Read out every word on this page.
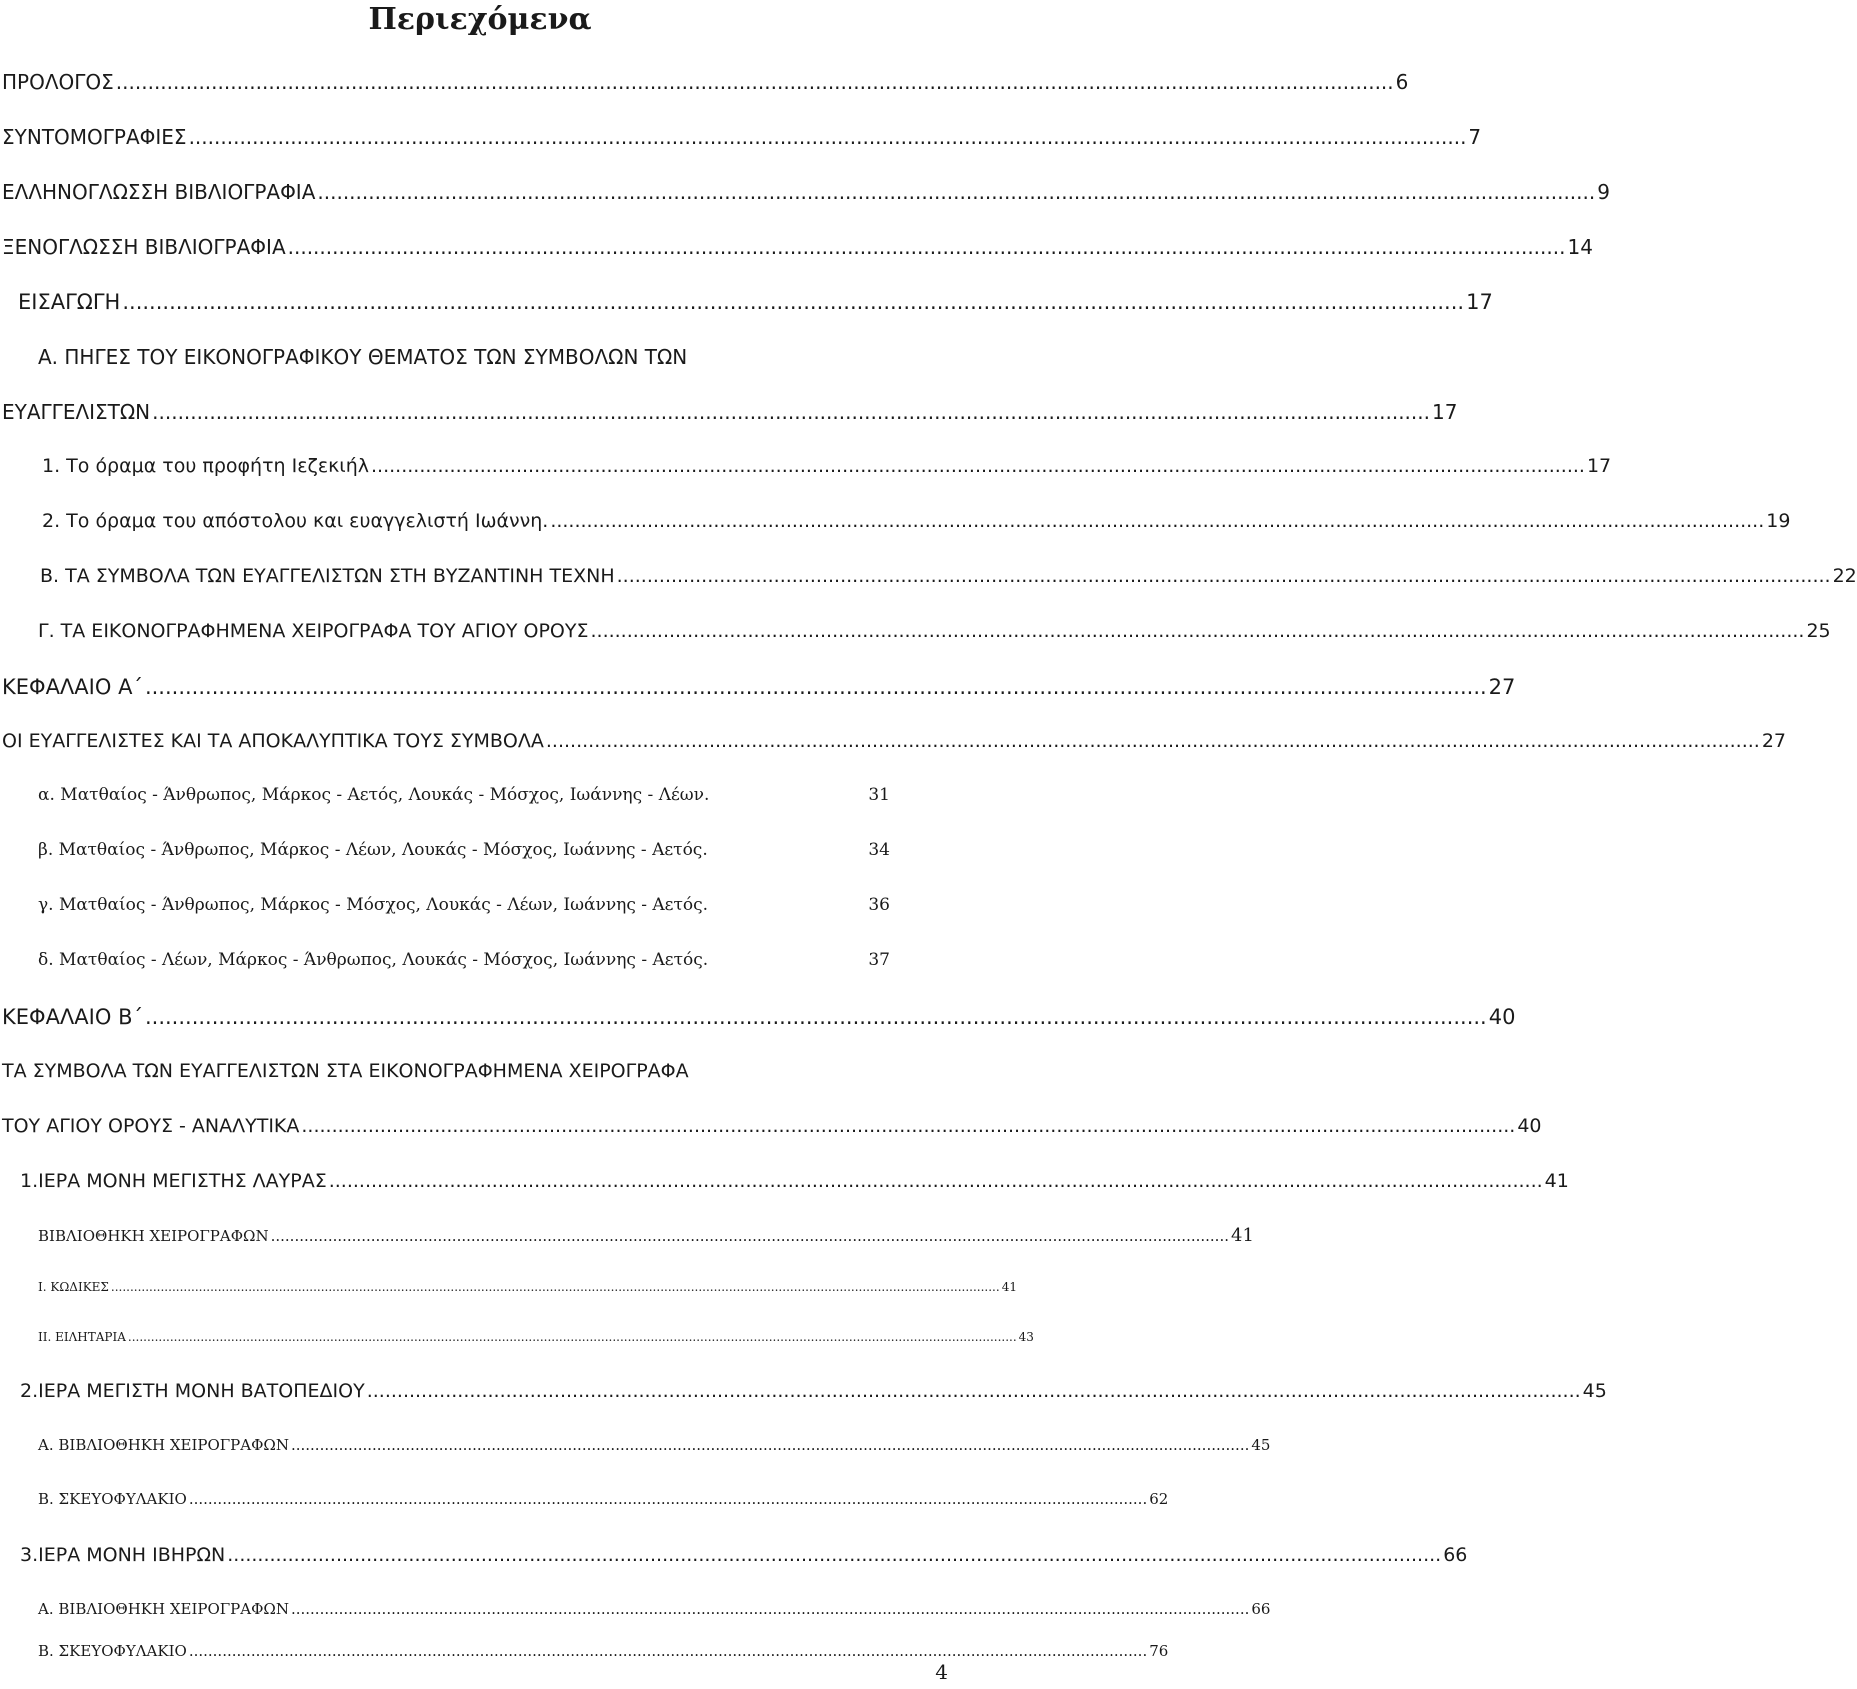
Περιεχόμενα
ΠΡΟΛΟΓΟΣ ......................................................................................................................................................................................................... 6
ΣΥΝΤΟΜΟΓΡΑΦΙΕΣ ......................................................................................................................................................................................................... 7
ΕΛΛΗΝΟΓΛΩΣΣΗ ΒΙΒΛΙΟΓΡΑΦΙΑ ......................................................................................................................................................................................................... 9
ΞΕΝΟΓΛΩΣΣΗ ΒΙΒΛΙΟΓΡΑΦΙΑ ......................................................................................................................................................................................................... 14
ΕΙΣΑΓΩΓΗ ......................................................................................................................................................................................................... 17
Α. ΠΗΓΕΣ ΤΟΥ ΕΙΚΟΝΟΓΡΑΦΙΚΟΥ ΘΕΜΑΤΟΣ ΤΩΝ ΣΥΜΒΟΛΩΝ ΤΩΝ
ΕΥΑΓΓΕΛΙΣΤΩΝ ......................................................................................................................................................................................................... 17
1. Το όραμα του προφήτη Ιεζεκιήλ ......................................................................................................................................................................................................... 17
2. Το όραμα του απόστολου και ευαγγελιστή Ιωάννη. ......................................................................................................................................................................................................... 19
Β. ΤΑ ΣΥΜΒΟΛΑ ΤΩΝ ΕΥΑΓΓΕΛΙΣΤΩΝ ΣΤΗ ΒΥΖΑΝΤΙΝΗ ΤΕΧΝΗ ......................................................................................................................................................................................................... 22
Γ. ΤΑ ΕΙΚΟΝΟΓΡΑΦΗΜΕΝΑ ΧΕΙΡΟΓΡΑΦΑ ΤΟΥ ΑΓΙΟΥ ΟΡΟΥΣ ......................................................................................................................................................................................................... 25
ΚΕΦΑΛΑΙΟ Α΄ ......................................................................................................................................................................................................... 27
ΟΙ ΕΥΑΓΓΕΛΙΣΤΕΣ ΚΑΙ ΤΑ ΑΠΟΚΑΛΥΠΤΙΚΑ ΤΟΥΣ ΣΥΜΒΟΛΑ ......................................................................................................................................................................................................... 27
α. Ματθαίος - Άνθρωπος, Μάρκος - Αετός, Λουκάς - Μόσχος, Ιωάννης - Λέων.	31
β. Ματθαίος - Άνθρωπος, Μάρκος - Λέων, Λουκάς - Μόσχος, Ιωάννης - Αετός.	34
γ. Ματθαίος - Άνθρωπος, Μάρκος - Μόσχος, Λουκάς - Λέων, Ιωάννης - Αετός.	36
δ. Ματθαίος - Λέων, Μάρκος - Άνθρωπος, Λουκάς - Μόσχος, Ιωάννης - Αετός.	37
ΚΕΦΑΛΑΙΟ Β΄ ......................................................................................................................................................................................................... 40
ΤΑ ΣΥΜΒΟΛΑ ΤΩΝ ΕΥΑΓΓΕΛΙΣΤΩΝ ΣΤΑ ΕΙΚΟΝΟΓΡΑΦΗΜΕΝΑ ΧΕΙΡΟΓΡΑΦΑ
ΤΟΥ ΑΓΙΟΥ ΟΡΟΥΣ - ΑΝΑΛΥΤΙΚΑ ......................................................................................................................................................................................................... 40
1.ΙΕΡΑ ΜΟΝΗ ΜΕΓΙΣΤΗΣ ΛΑΥΡΑΣ ......................................................................................................................................................................................................... 41
ΒΙΒΛΙΟΘΗΚΗ ΧΕΙΡΟΓΡΑΦΩΝ ......................................................................................................................................................................................................... 41
Ι. ΚΩΔΙΚΕΣ ......................................................................................................................................................................................................................................... 41
ΙΙ. ΕΙΛΗΤΑΡΙΑ ......................................................................................................................................................................................................................................... 43
2.ΙΕΡΑ ΜΕΓΙΣΤΗ ΜΟΝΗ ΒΑΤΟΠΕΔΙΟΥ ......................................................................................................................................................................................................... 45
Α. ΒΙΒΛΙΟΘΗΚΗ ΧΕΙΡΟΓΡΑΦΩΝ ......................................................................................................................................................................................................... 45
Β. ΣΚΕΥΟΦΥΛΑΚΙΟ ......................................................................................................................................................................................................... 62
3.ΙΕΡΑ ΜΟΝΗ ΙΒΗΡΩΝ ......................................................................................................................................................................................................... 66
Α. ΒΙΒΛΙΟΘΗΚΗ ΧΕΙΡΟΓΡΑΦΩΝ ......................................................................................................................................................................................................... 66
Β. ΣΚΕΥΟΦΥΛΑΚΙΟ ......................................................................................................................................................................................................... 76
4
